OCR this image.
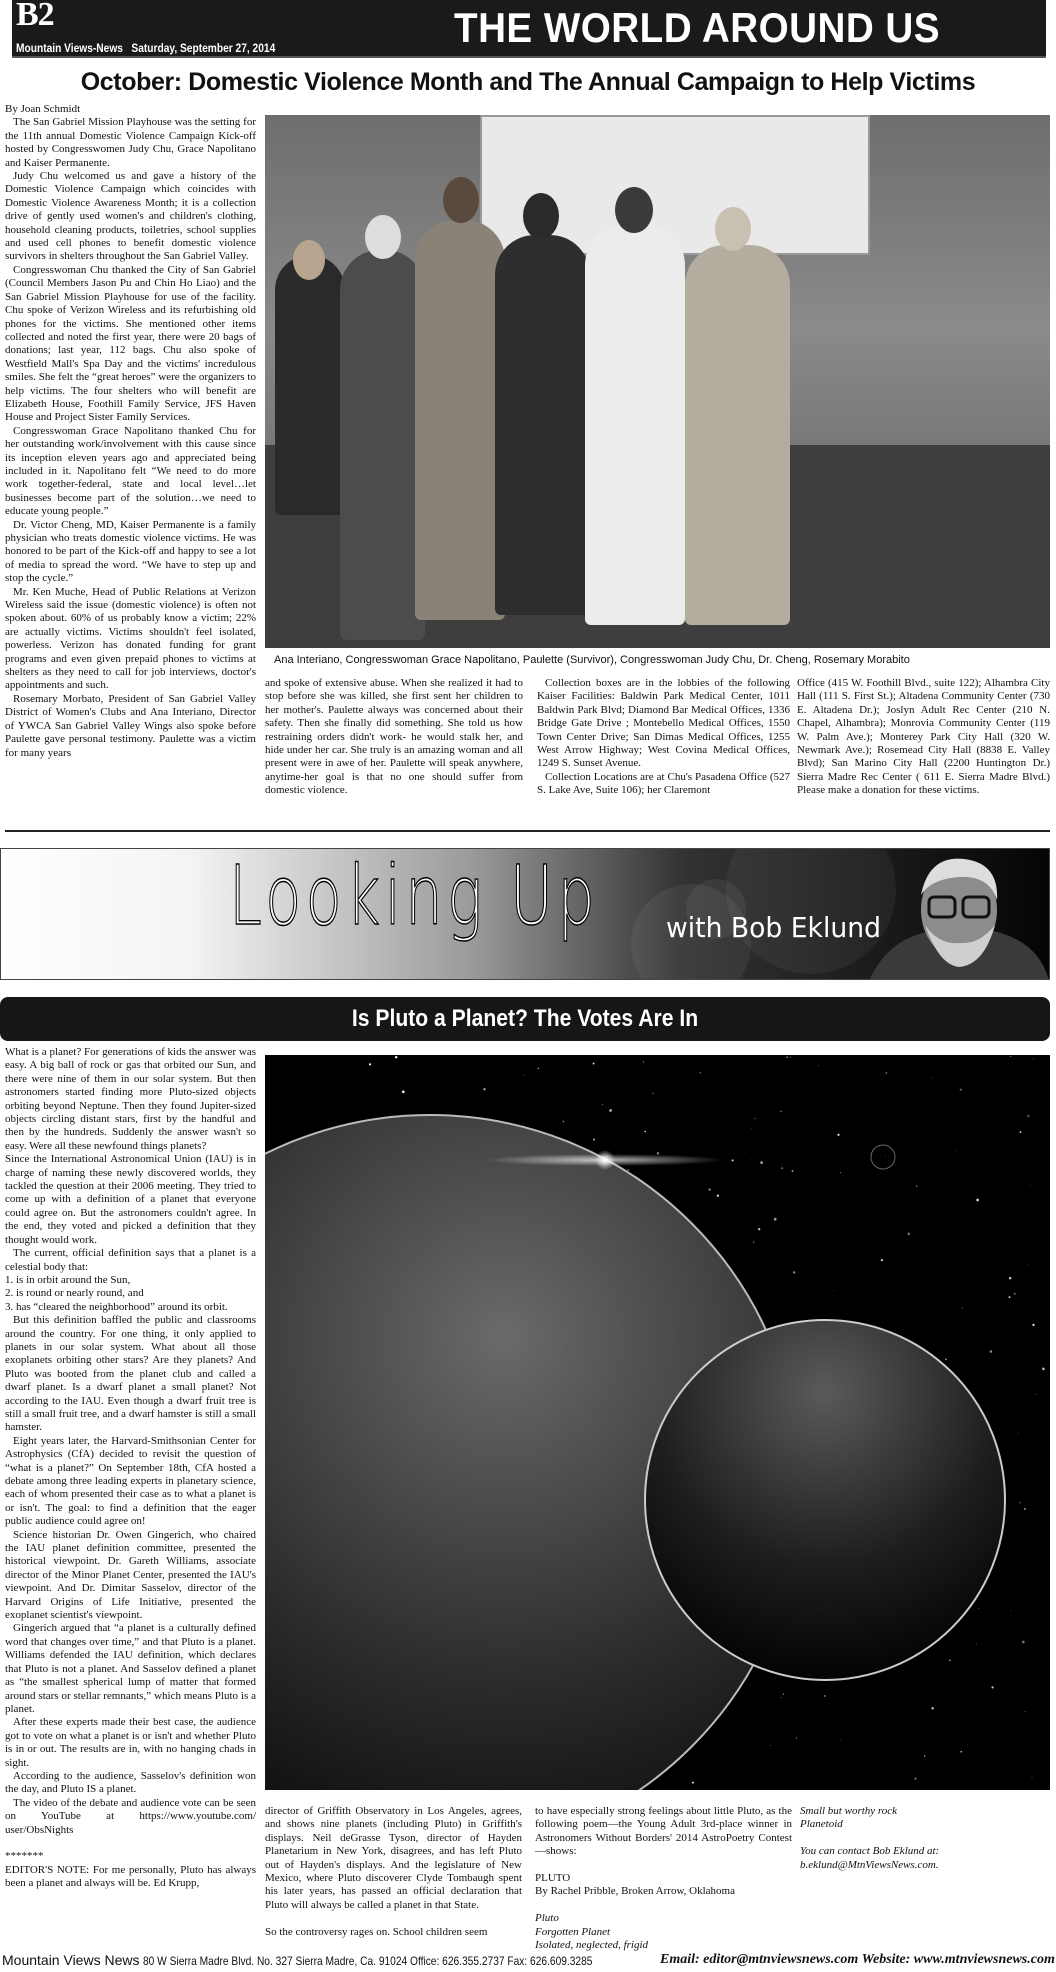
B2
Mountain Views-News   Saturday, September 27, 2014	THE WORLD AROUND US
October: Domestic Violence Month and The Annual Campaign to Help Victims

By Joan Schmidt

The San Gabriel Mission Playhouse was the setting for the 11th annual Domestic Violence Campaign Kick-off hosted by Congresswomen Judy Chu, Grace Napolitano and Kaiser Permanente.

Judy Chu welcomed us and gave a history of the Domestic Violence Campaign which coincides with Domestic Violence Awareness Month; it is a collection drive of gently used women's and children's clothing, household cleaning products, toiletries, school supplies and used cell phones to benefit domestic violence survivors in shelters throughout the San Gabriel Valley.

Congresswoman Chu thanked the City of San Gabriel (Council Members Jason Pu and Chin Ho Liao) and the San Gabriel Mission Playhouse for use of the facility. Chu spoke of Verizon Wireless and its refurbishing old phones for the victims. She mentioned other items collected and noted the first year, there were 20 bags of donations; last year, 112 bags. Chu also spoke of Westfield Mall's Spa Day and the victims' incredulous smiles. She felt the “great heroes” were the organizers to help victims. The four shelters who will benefit are Elizabeth House, Foothill Family Service, JFS Haven House and Project Sister Family Services.

Congresswoman Grace Napolitano thanked Chu for her outstanding work/involvement with this cause since its inception eleven years ago and appreciated being included in it. Napolitano felt “We need to do more work together-federal, state and local level…let businesses become part of the solution…we need to educate young people.”

Dr. Victor Cheng, MD, Kaiser Permanente is a family physician who treats domestic violence victims. He was honored to be part of the Kick-off and happy to see a lot of media to spread the word. “We have to step up and stop the cycle.”

Mr. Ken Muche, Head of Public Relations at Verizon Wireless said the issue (domestic violence) is often not spoken about. 60% of us probably know a victim; 22% are actually victims. Victims shouldn't feel isolated, powerless. Verizon has donated funding for grant programs and even given prepaid phones to victims at shelters as they need to call for job interviews, doctor's appointments and such.

Rosemary Morbato, President of San Gabriel Valley District of Women's Clubs and Ana Interiano, Director of YWCA San Gabriel Valley Wings also spoke before Paulette gave personal testimony. Paulette was a victim for many years

Ana Interiano, Congresswoman Grace Napolitano, Paulette (Survivor), Congresswoman Judy Chu, Dr. Cheng, Rosemary Morabito

and spoke of extensive abuse. When she realized it had to stop before she was killed, she first sent her children to her mother's. Paulette always was concerned about their safety. Then she finally did something. She told us how restraining orders didn't work- he would stalk her, and hide under her car. She truly is an amazing woman and all present were in awe of her. Paulette will speak anywhere, anytime-her goal is that no one should suffer from domestic violence.

Collection boxes are in the lobbies of the following Kaiser Facilities: Baldwin Park Medical Center, 1011 Baldwin Park Blvd; Diamond Bar Medical Offices, 1336 Bridge Gate Drive ; Montebello Medical Offices, 1550 Town Center Drive; San Dimas Medical Offices, 1255 West Arrow Highway; West Covina Medical Offices, 1249 S. Sunset Avenue.

Collection Locations are at Chu's Pasadena Office (527 S. Lake Ave, Suite 106); her Claremont

Office (415 W. Foothill Blvd., suite 122); Alhambra City Hall (111 S. First St.); Altadena Community Center (730 E. Altadena Dr.); Joslyn Adult Rec Center (210 N. Chapel, Alhambra); Monrovia Community Center (119 W. Palm Ave.); Monterey Park City Hall (320 W. Newmark Ave.); Rosemead City Hall (8838 E. Valley Blvd); San Marino City Hall (2200 Huntington Dr.) Sierra Madre Rec Center ( 611 E. Sierra Madre Blvd.) Please make a donation for these victims.

Looking Up with Bob Eklund
Is Pluto a Planet? The Votes Are In

What is a planet? For generations of kids the answer was easy. A big ball of rock or gas that orbited our Sun, and there were nine of them in our solar system. But then astronomers started finding more Pluto-sized objects orbiting beyond Neptune. Then they found Jupiter-sized objects circling distant stars, first by the handful and then by the hundreds. Suddenly the answer wasn't so easy. Were all these newfound things planets?

Since the International Astronomical Union (IAU) is in charge of naming these newly discovered worlds, they tackled the question at their 2006 meeting. They tried to come up with a definition of a planet that everyone could agree on. But the astronomers couldn't agree. In the end, they voted and picked a definition that they thought would work.

The current, official definition says that a planet is a celestial body that:

1. is in orbit around the Sun,

2. is round or nearly round, and

3. has “cleared the neighborhood” around its orbit.

But this definition baffled the public and classrooms around the country. For one thing, it only applied to planets in our solar system. What about all those exoplanets orbiting other stars? Are they planets? And Pluto was booted from the planet club and called a dwarf planet. Is a dwarf planet a small planet? Not according to the IAU. Even though a dwarf fruit tree is still a small fruit tree, and a dwarf hamster is still a small hamster.

Eight years later, the Harvard-Smithsonian Center for Astrophysics (CfA) decided to revisit the question of “what is a planet?” On September 18th, CfA hosted a debate among three leading experts in planetary science, each of whom presented their case as to what a planet is or isn't. The goal: to find a definition that the eager public audience could agree on!

Science historian Dr. Owen Gingerich, who chaired the IAU planet definition committee, presented the historical viewpoint. Dr. Gareth Williams, associate director of the Minor Planet Center, presented the IAU's viewpoint. And Dr. Dimitar Sasselov, director of the Harvard Origins of Life Initiative, presented the exoplanet scientist's viewpoint.

Gingerich argued that “a planet is a culturally defined word that changes over time,” and that Pluto is a planet. Williams defended the IAU definition, which declares that Pluto is not a planet. And Sasselov defined a planet as “the smallest spherical lump of matter that formed around stars or stellar remnants,” which means Pluto is a planet.

After these experts made their best case, the audience got to vote on what a planet is or isn't and whether Pluto is in or out. The results are in, with no hanging chads in sight.

According to the audience, Sasselov's definition won the day, and Pluto IS a planet.

The video of the debate and audience vote can be seen on YouTube at https://www.youtube.com/ user/ObsNights

*******

EDITOR'S NOTE: For me personally, Pluto has always been a planet and always will be. Ed Krupp,

director of Griffith Observatory in Los Angeles, agrees, and shows nine planets (including Pluto) in Griffith's displays. Neil deGrasse Tyson, director of Hayden Planetarium in New York, disagrees, and has left Pluto out of Hayden's displays. And the legislature of New Mexico, where Pluto discoverer Clyde Tombaugh spent his later years, has passed an official declaration that Pluto will always be called a planet in that State.

So the controversy rages on. School children seem

to have especially strong feelings about little Pluto, as the following poem—the Young Adult 3rd-place winner in Astronomers Without Borders' 2014 AstroPoetry Contest—shows:

PLUTO

By Rachel Pribble, Broken Arrow, Oklahoma

Pluto

Forgotten Planet

Isolated, neglected, frigid

Small but worthy rock

Planetoid

You can contact Bob Eklund at: b.eklund@MtnViewsNews.com.

Mountain Views News 80 W Sierra Madre Blvd. No. 327 Sierra Madre, Ca. 91024 Office: 626.355.2737 Fax: 626.609.3285	Email: editor@mtnviewsnews.com Website: www.mtnviewsnews.com
